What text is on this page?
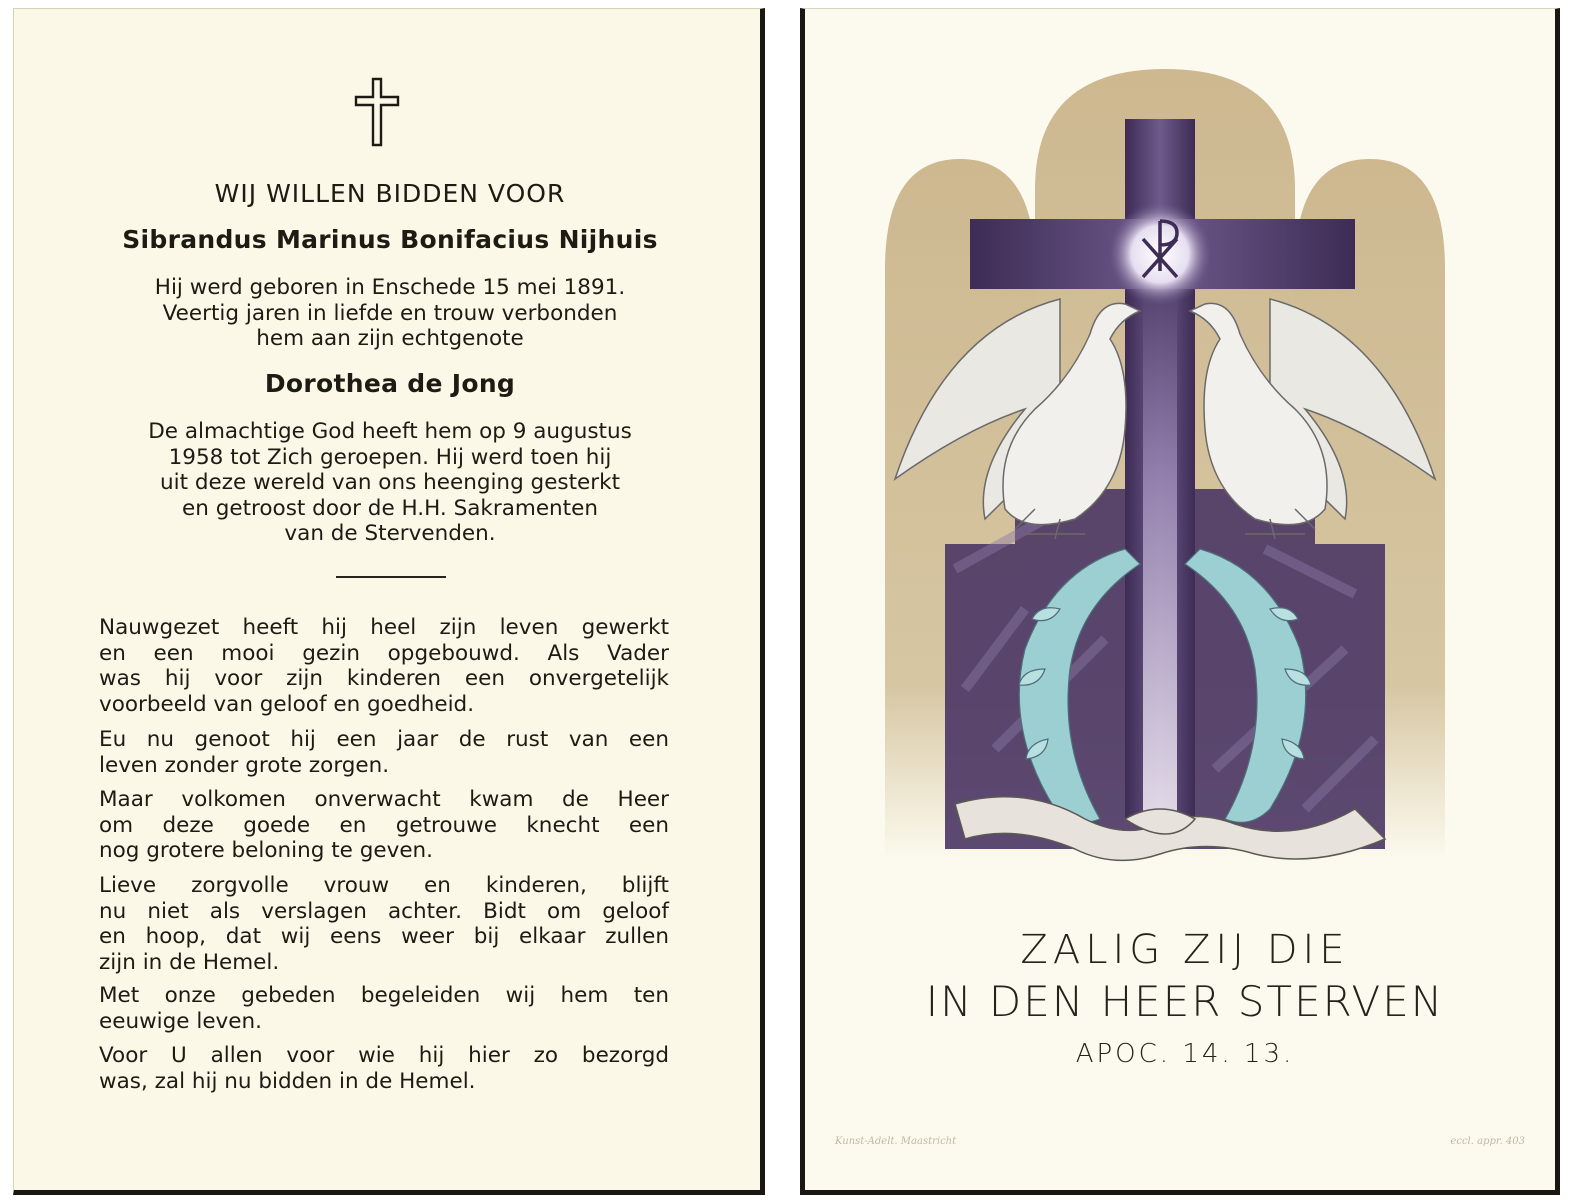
WIJ WILLEN BIDDEN VOOR
Sibrandus Marinus Bonifacius Nijhuis
Hij werd geboren in Enschede 15 mei 1891.
Veertig jaren in liefde en trouw verbonden
hem aan zijn echtgenote
Dorothea de Jong
De almachtige God heeft hem op 9 augustus
1958 tot Zich geroepen. Hij werd toen hij
uit deze wereld van ons heenging gesterkt
en getroost door de H.H. Sakramenten
van de Stervenden.
Nauwgezet heeft hij heel zijn leven gewerkt
en een mooi gezin opgebouwd. Als Vader
was hij voor zijn kinderen een onvergetelijk
voorbeeld van geloof en goedheid.
Eu nu genoot hij een jaar de rust van een
leven zonder grote zorgen.
Maar volkomen onverwacht kwam de Heer
om deze goede en getrouwe knecht een
nog grotere beloning te geven.
Lieve zorgvolle vrouw en kinderen, blijft
nu niet als verslagen achter. Bidt om geloof
en hoop, dat wij eens weer bij elkaar zullen
zijn in de Hemel.
Met onze gebeden begeleiden wij hem ten
eeuwige leven.
Voor U allen voor wie hij hier zo bezorgd
was, zal hij nu bidden in de Hemel.
ZALIG ZIJ DIE
IN DEN HEER STERVEN
APOC. 14. 13.
Kunst-Adelt. Maastricht	eccl. appr. 403
